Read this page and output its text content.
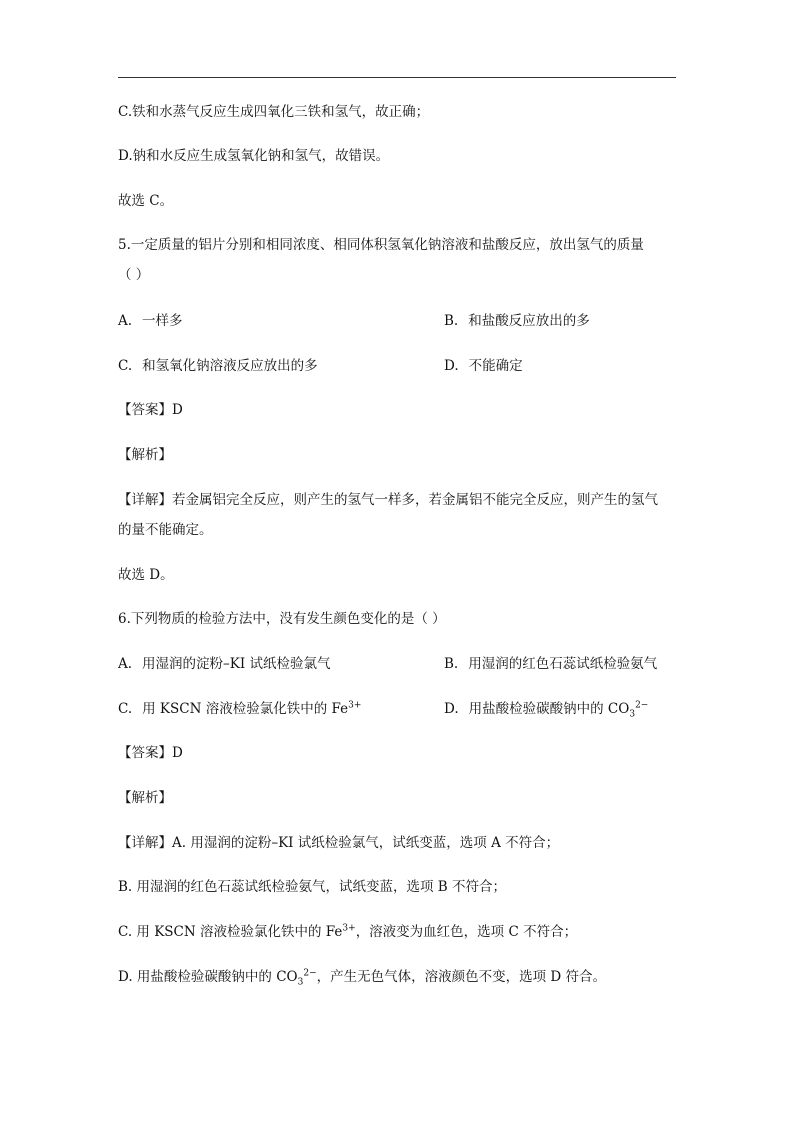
C.铁和水蒸气反应生成四氧化三铁和氢气，故正确；
D.钠和水反应生成氢氧化钠和氢气，故错误。
故选 C。
5.一定质量的铝片分别和相同浓度、相同体积氢氧化钠溶液和盐酸反应，放出氢气的质量
（ ）
A. 一样多	B. 和盐酸反应放出的多
C. 和氢氧化钠溶液反应放出的多	D. 不能确定
【答案】D
【解析】
【详解】若金属铝完全反应，则产生的氢气一样多，若金属铝不能完全反应，则产生的氢气
的量不能确定。
故选 D。
6.下列物质的检验方法中，没有发生颜色变化的是（ ）
A. 用湿润的淀粉–KI 试纸检验氯气	B. 用湿润的红色石蕊试纸检验氨气
C. 用 KSCN 溶液检验氯化铁中的 $Fe^{3+}$	D. 用盐酸检验碳酸钠中的 $CO_3^{2-}$
【答案】D
【解析】
【详解】A. 用湿润的淀粉–KI 试纸检验氯气，试纸变蓝，选项 A 不符合；
B. 用湿润的红色石蕊试纸检验氨气，试纸变蓝，选项 B 不符合；
C. 用 KSCN 溶液检验氯化铁中的 $Fe^{3+}$，溶液变为血红色，选项 C 不符合；
D. 用盐酸检验碳酸钠中的 $CO_3^{2-}$，产生无色气体，溶液颜色不变，选项 D 符合。
